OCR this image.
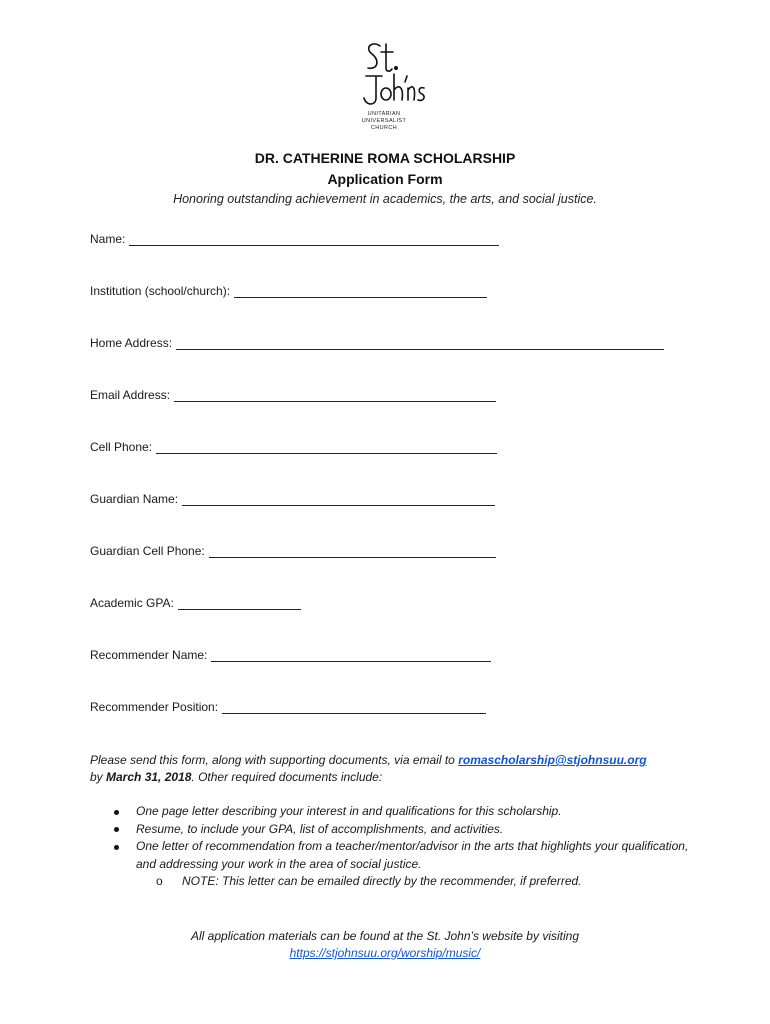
UNITARIAN
UNIVERSALIST
CHURCH
DR. CATHERINE ROMA SCHOLARSHIP
Application Form
Honoring outstanding achievement in academics, the arts, and social justice.
Name:
Institution (school/church):
Home Address:
Email Address:
Cell Phone:
Guardian Name:
Guardian Cell Phone:
Academic GPA:
Recommender Name:
Recommender Position:
Please send this form, along with supporting documents, via email to romascholarship@stjohnsuu.org
by March 31, 2018. Other required documents include:
One page letter describing your interest in and qualifications for this scholarship.
Resume, to include your GPA, list of accomplishments, and activities.
One letter of recommendation from a teacher/mentor/advisor in the arts that highlights your qualification, and addressing your work in the area of social justice.
o NOTE: This letter can be emailed directly by the recommender, if preferred.
All application materials can be found at the St. John’s website by visiting
https://stjohnsuu.org/worship/music/
